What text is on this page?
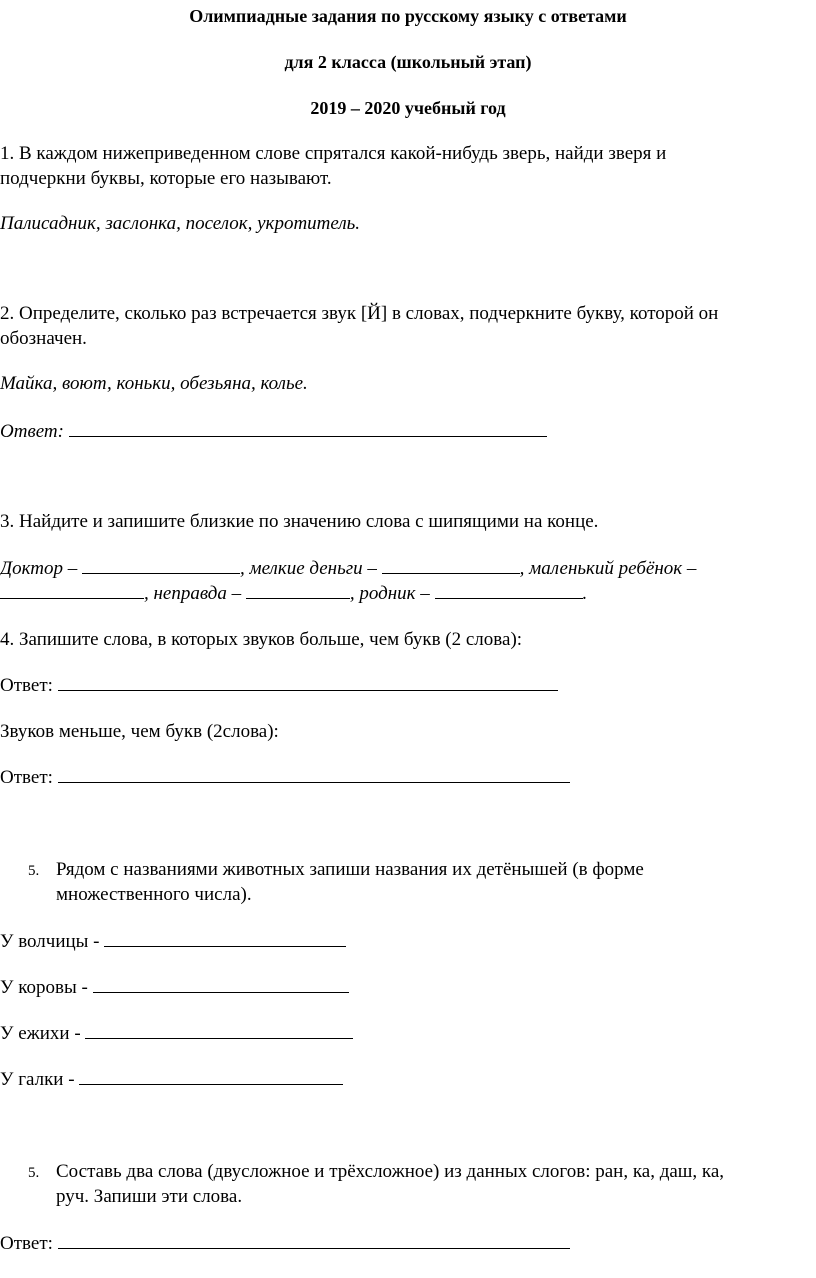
Олимпиадные задания по русскому языку с ответами
для 2 класса (школьный этап)
2019 – 2020 учебный год
1. В каждом нижеприведенном слове спрятался какой-нибудь зверь, найди зверя и
подчеркни буквы, которые его называют.
Палисадник, заслонка, поселок, укротитель.
2. Определите, сколько раз встречается звук [Й] в словах, подчеркните букву, которой он
обозначен.
Майка, воют, коньки, обезьяна, колье.
Ответ:
3. Найдите и запишите близкие по значению слова с шипящими на конце.
Доктор –	, мелкие деньги –	, маленький ребёнок –
, неправда –	, родник –	.
4. Запишите слова, в которых звуков больше, чем букв (2 слова):
Ответ:
Звуков меньше, чем букв (2слова):
Ответ:
5. Рядом с названиями животных запиши названия их детёнышей (в форме
множественного числа).
У волчицы -
У коровы -
У ежихи -
У галки -
5. Составь два слова (двусложное и трёхсложное) из данных слогов: ран, ка, даш, ка,
руч. Запиши эти слова.
Ответ:
